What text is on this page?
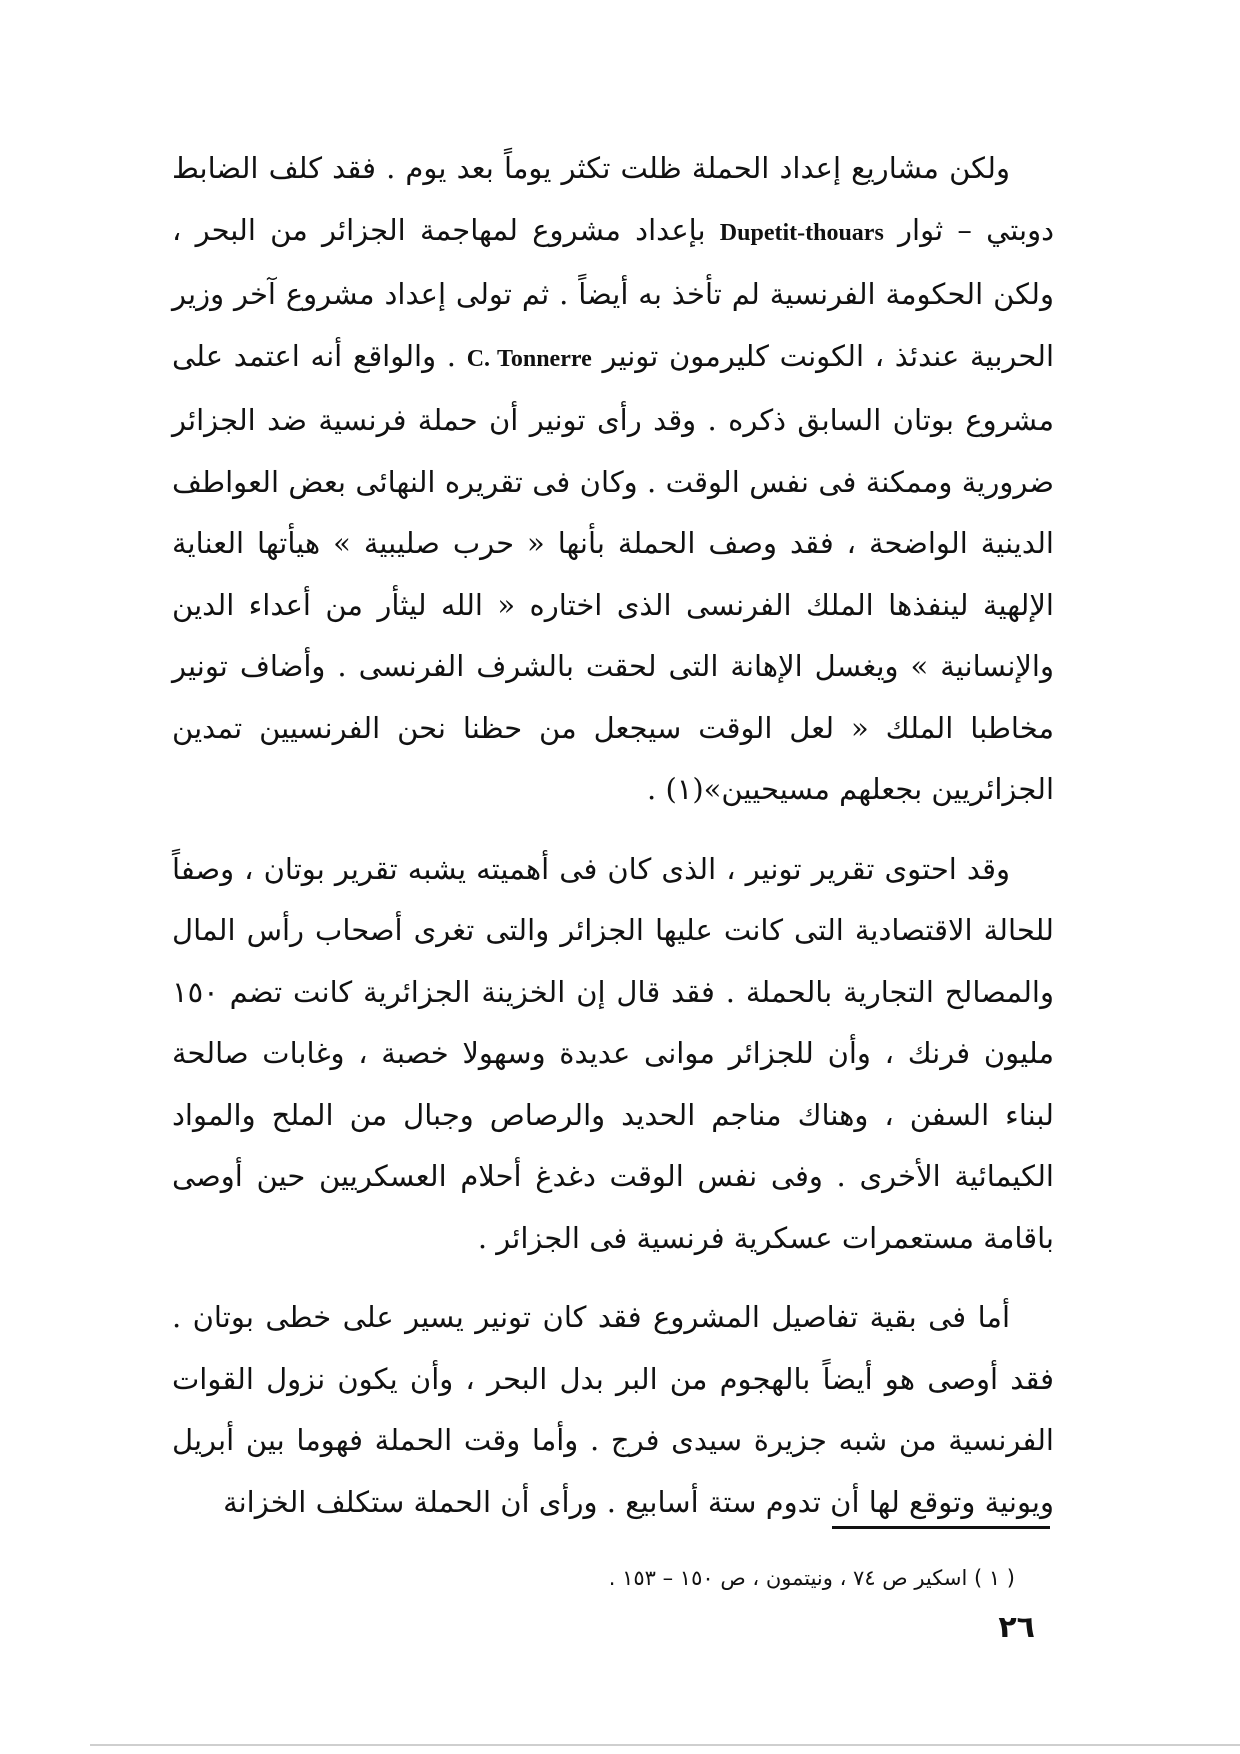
ولكن مشاريع إعداد الحملة ظلت تكثر يوماً بعد يوم . فقد كلف الضابط دوبتي – ثوار Dupetit-thouars بإعداد مشروع لمهاجمة الجزائر من البحر ، ولكن الحكومة الفرنسية لم تأخذ به أيضاً . ثم تولى إعداد مشروع آخر وزير الحربية عندئذ ، الكونت كليرمون تونير C. Tonnerre . والواقع أنه اعتمد على مشروع بوتان السابق ذكره . وقد رأى تونير أن حملة فرنسية ضد الجزائر ضرورية وممكنة فى نفس الوقت . وكان فى تقريره النهائى بعض العواطف الدينية الواضحة ، فقد وصف الحملة بأنها « حرب صليبية » هيأتها العناية الإلهية لينفذها الملك الفرنسى الذى اختاره « الله ليثأر من أعداء الدين والإنسانية » ويغسل الإهانة التى لحقت بالشرف الفرنسى . وأضاف تونير مخاطبا الملك « لعل الوقت سيجعل من حظنا نحن الفرنسيين تمدين الجزائريين بجعلهم مسيحيين»(١) .

وقد احتوى تقرير تونير ، الذى كان فى أهميته يشبه تقرير بوتان ، وصفاً للحالة الاقتصادية التى كانت عليها الجزائر والتى تغرى أصحاب رأس المال والمصالح التجارية بالحملة . فقد قال إن الخزينة الجزائرية كانت تضم ١٥٠ مليون فرنك ، وأن للجزائر موانى عديدة وسهولا خصبة ، وغابات صالحة لبناء السفن ، وهناك مناجم الحديد والرصاص وجبال من الملح والمواد الكيمائية الأخرى . وفى نفس الوقت دغدغ أحلام العسكريين حين أوصى باقامة مستعمرات عسكرية فرنسية فى الجزائر .

أما فى بقية تفاصيل المشروع فقد كان تونير يسير على خطى بوتان . فقد أوصى هو أيضاً بالهجوم من البر بدل البحر ، وأن يكون نزول القوات الفرنسية من شبه جزيرة سيدى فرج . وأما وقت الحملة فهوما بين أبريل ويونية وتوقع لها أن تدوم ستة أسابيع . ورأى أن الحملة ستكلف الخزانة

( ١ ) اسكير ص ٧٤ ، ونيتمون ، ص ١٥٠ – ١٥٣ .
٢٦
